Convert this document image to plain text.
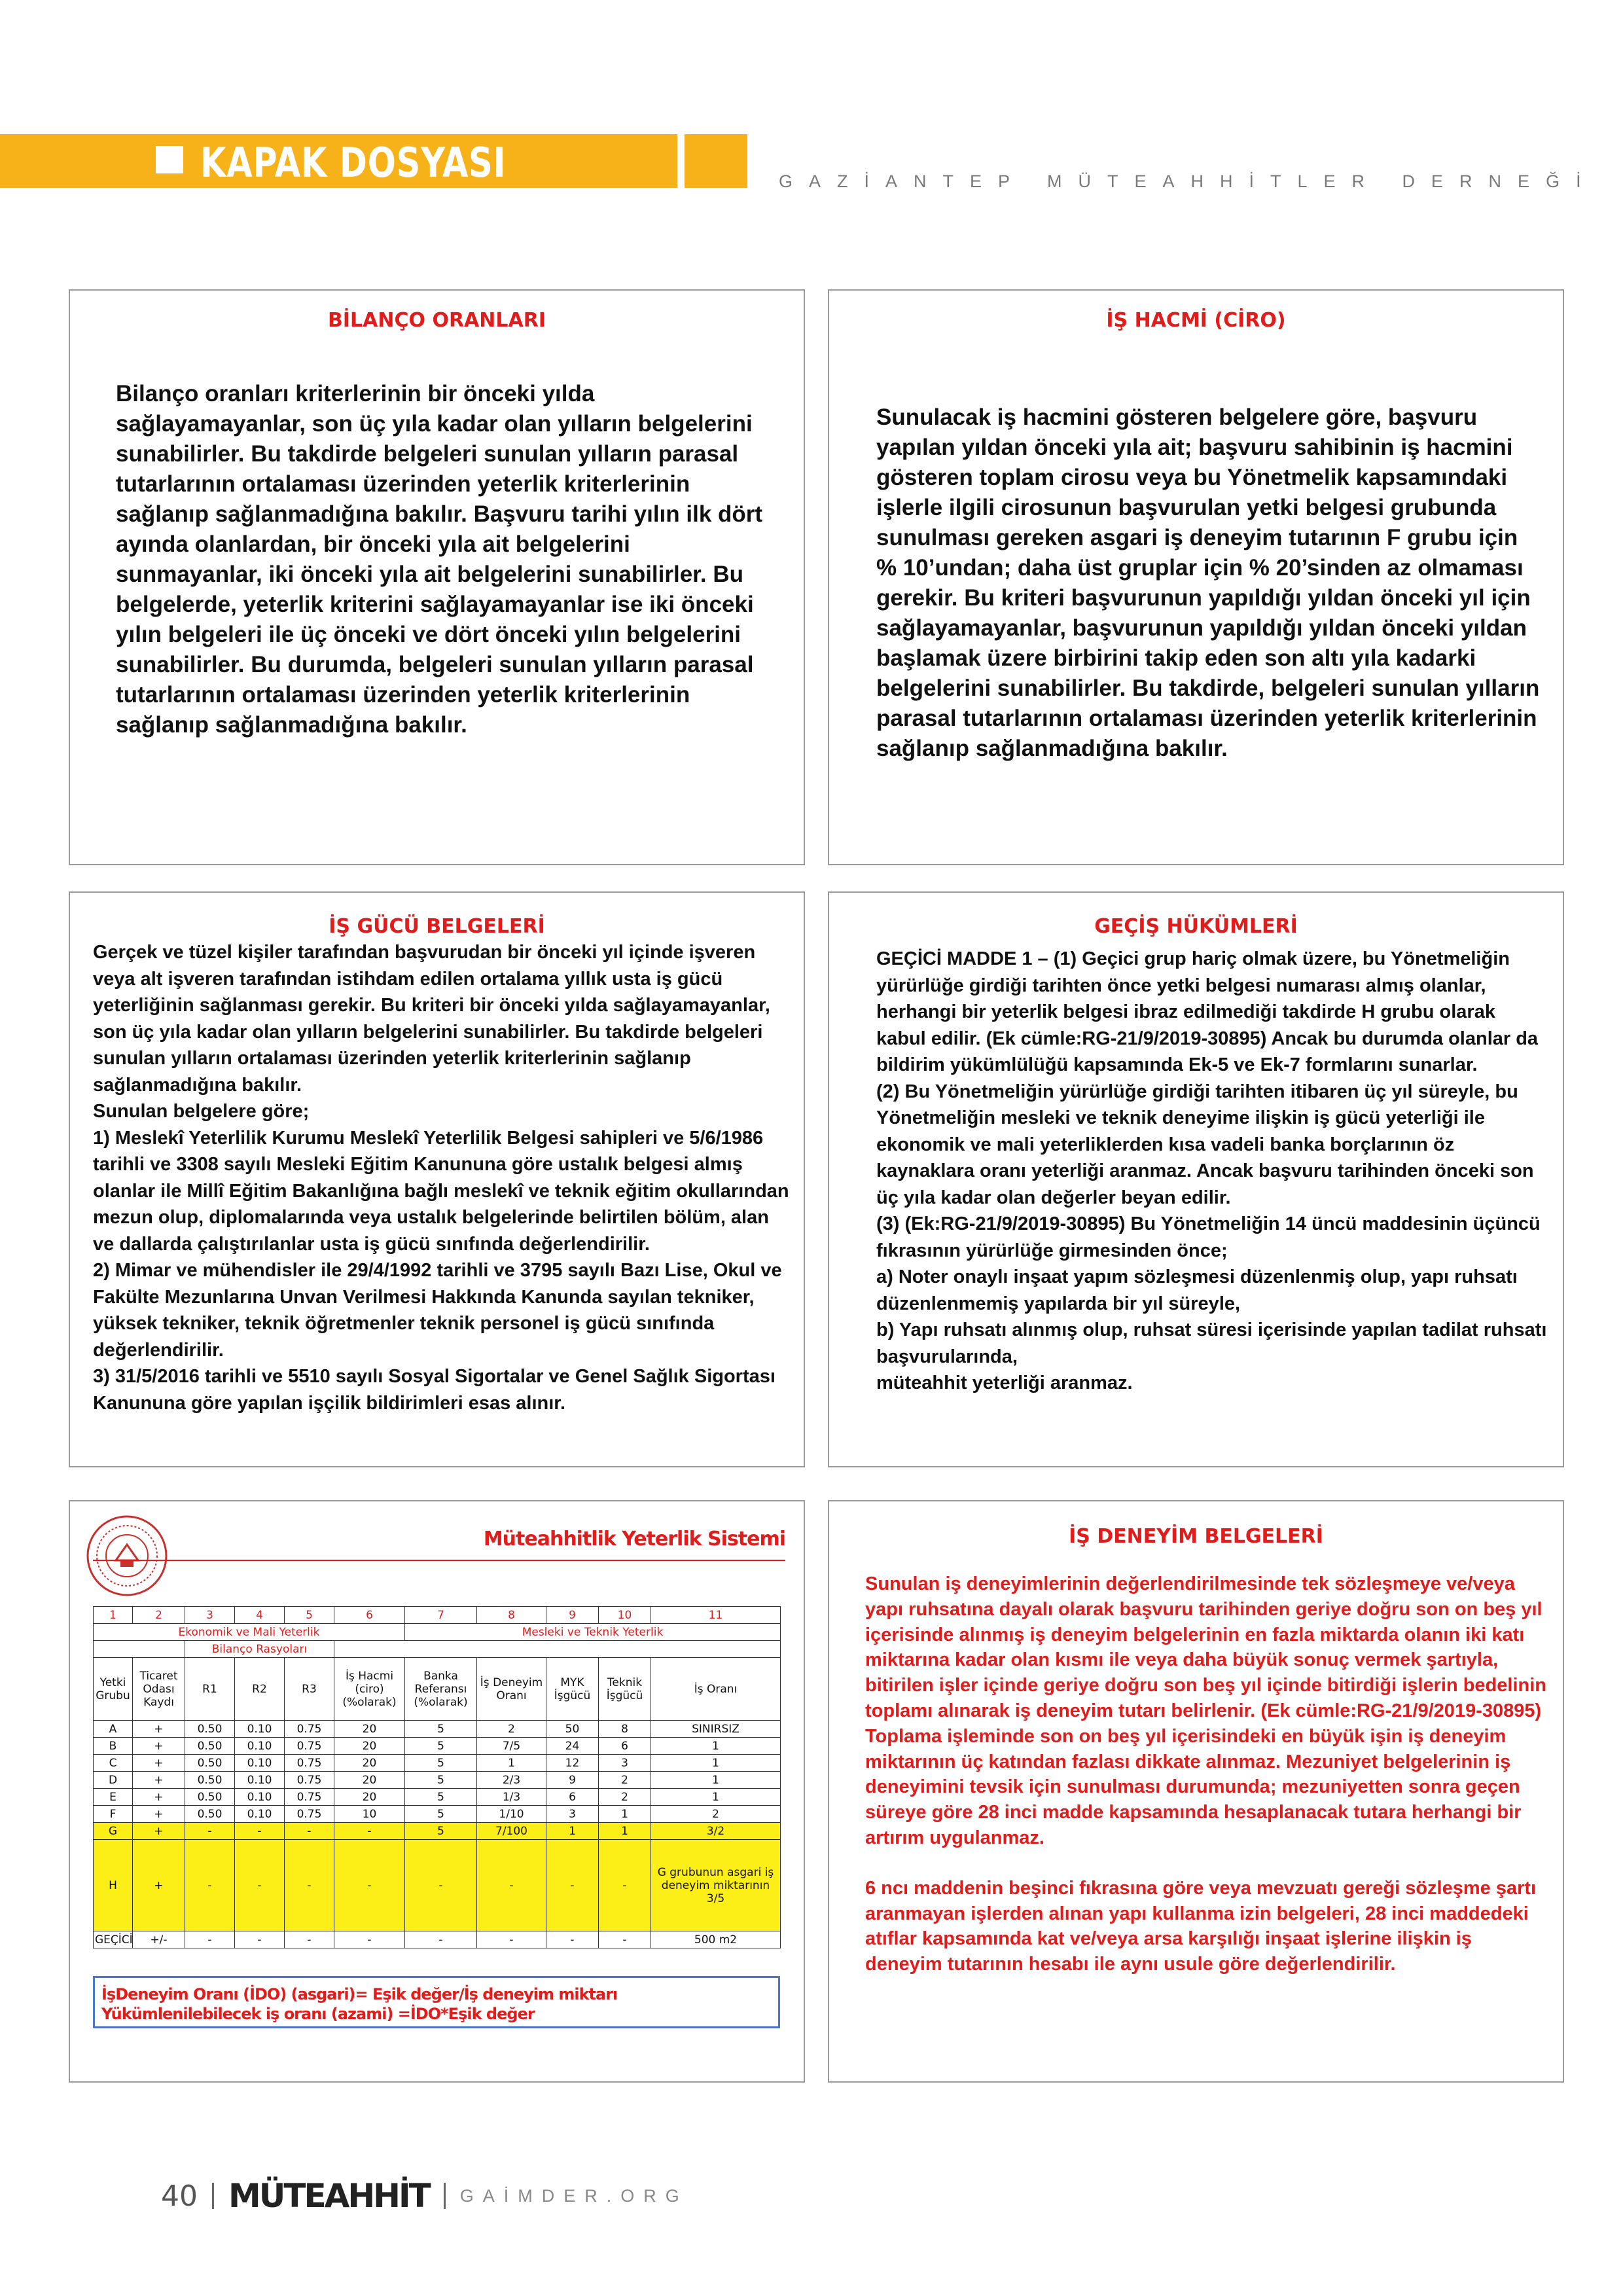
KAPAK DOSYASI	GAZİANTEP MÜTEAHHİTLER DERNEĞİ
BİLANÇO ORANLARI

Bilanço oranları kriterlerinin bir önceki yılda sağlayamayanlar, son üç yıla kadar olan yılların belgelerini sunabilirler. Bu takdirde belgeleri sunulan yılların parasal tutarlarının ortalaması üzerinden yeterlik kriterlerinin sağlanıp sağlanmadığına bakılır. Başvuru tarihi yılın ilk dört ayında olanlardan, bir önceki yıla ait belgelerini sunmayanlar, iki önceki yıla ait belgelerini sunabilirler. Bu belgelerde, yeterlik kriterini sağlayamayanlar ise iki önceki yılın belgeleri ile üç önceki ve dört önceki yılın belgelerini sunabilirler. Bu durumda, belgeleri sunulan yılların parasal tutarlarının ortalaması üzerinden yeterlik kriterlerinin sağlanıp sağlanmadığına bakılır.

İŞ HACMİ (CİRO)

Sunulacak iş hacmini gösteren belgelere göre, başvuru yapılan yıldan önceki yıla ait; başvuru sahibinin iş hacmini gösteren toplam cirosu veya bu Yönetmelik kapsamındaki işlerle ilgili cirosunun başvurulan yetki belgesi grubunda sunulması gereken asgari iş deneyim tutarının F grubu için % 10’undan; daha üst gruplar için % 20’sinden az olmaması gerekir. Bu kriteri başvurunun yapıldığı yıldan önceki yıl için sağlayamayanlar, başvurunun yapıldığı yıldan önceki yıldan başlamak üzere birbirini takip eden son altı yıla kadarki belgelerini sunabilirler. Bu takdirde, belgeleri sunulan yılların parasal tutarlarının ortalaması üzerinden yeterlik kriterlerinin sağlanıp sağlanmadığına bakılır.

İŞ GÜCÜ BELGELERİ

Gerçek ve tüzel kişiler tarafından başvurudan bir önceki yıl içinde işveren veya alt işveren tarafından istihdam edilen ortalama yıllık usta iş gücü yeterliğinin sağlanması gerekir. Bu kriteri bir önceki yılda sağlayamayanlar, son üç yıla kadar olan yılların belgelerini sunabilirler. Bu takdirde belgeleri sunulan yılların ortalaması üzerinden yeterlik kriterlerinin sağlanıp sağlanmadığına bakılır.

Sunulan belgelere göre;

1) Meslekî Yeterlilik Kurumu Meslekî Yeterlilik Belgesi sahipleri ve 5/6/1986 tarihli ve 3308 sayılı Mesleki Eğitim Kanununa göre ustalık belgesi almış olanlar ile Millî Eğitim Bakanlığına bağlı meslekî ve teknik eğitim okullarından mezun olup, diplomalarında veya ustalık belgelerinde belirtilen bölüm, alan ve dallarda çalıştırılanlar usta iş gücü sınıfında değerlendirilir.

2) Mimar ve mühendisler ile 29/4/1992 tarihli ve 3795 sayılı Bazı Lise, Okul ve Fakülte Mezunlarına Unvan Verilmesi Hakkında Kanunda sayılan tekniker, yüksek tekniker, teknik öğretmenler teknik personel iş gücü sınıfında değerlendirilir.

3) 31/5/2016 tarihli ve 5510 sayılı Sosyal Sigortalar ve Genel Sağlık Sigortası Kanununa göre yapılan işçilik bildirimleri esas alınır.

GEÇİŞ HÜKÜMLERİ

GEÇİCİ MADDE 1 – (1) Geçici grup hariç olmak üzere, bu Yönetmeliğin yürürlüğe girdiği tarihten önce yetki belgesi numarası almış olanlar, herhangi bir yeterlik belgesi ibraz edilmediği takdirde H grubu olarak kabul edilir. (Ek cümle:RG-21/9/2019-30895) Ancak bu durumda olanlar da bildirim yükümlülüğü kapsamında Ek-5 ve Ek-7 formlarını sunarlar.

(2) Bu Yönetmeliğin yürürlüğe girdiği tarihten itibaren üç yıl süreyle, bu Yönetmeliğin mesleki ve teknik deneyime ilişkin iş gücü yeterliği ile ekonomik ve mali yeterliklerden kısa vadeli banka borçlarının öz kaynaklara oranı yeterliği aranmaz. Ancak başvuru tarihinden önceki son üç yıla kadar olan değerler beyan edilir.

(3) (Ek:RG-21/9/2019-30895) Bu Yönetmeliğin 14 üncü maddesinin üçüncü fıkrasının yürürlüğe girmesinden önce;

a) Noter onaylı inşaat yapım sözleşmesi düzenlenmiş olup, yapı ruhsatı düzenlenmemiş yapılarda bir yıl süreyle,

b) Yapı ruhsatı alınmış olup, ruhsat süresi içerisinde yapılan tadilat ruhsatı başvurularında,

müteahhit yeterliği aranmaz.

Müteahhitlik Yeterlik Sistemi
1	2	3	4	5	6	7	8	9	10	11
Ekonomik ve Mali Yeterlik						Mesleki ve Teknik Yeterlik				
		Bilanço Rasyoları								
Yetki Grubu	Ticaret Odası Kaydı	R1	R2	R3	İş Hacmi (ciro) (%olarak)	Banka Referansı (%olarak)	İş Deneyim Oranı	MYK İşgücü	Teknik İşgücü	İş Oranı
A	+	0.50	0.10	0.75	20	5	2	50	8	SINIRSIZ
B	+	0.50	0.10	0.75	20	5	7/5	24	6	1
C	+	0.50	0.10	0.75	20	5	1	12	3	1
D	+	0.50	0.10	0.75	20	5	2/3	9	2	1
E	+	0.50	0.10	0.75	20	5	1/3	6	2	1
F	+	0.50	0.10	0.75	10	5	1/10	3	1	2
G	+	-	-	-	-	5	7/100	1	1	3/2
H	+	-	-	-	-	-	-	-	-	G grubunun asgari iş deneyim miktarının 3/5
GEÇİCİ	+/-	-	-	-	-	-	-	-	-	500 m2
İşDeneyim Oranı (İDO) (asgari)= Eşik değer/İş deneyim miktarı
Yükümlenilebilecek iş oranı (azami) =İDO*Eşik değer
İŞ DENEYİM BELGELERİ

Sunulan iş deneyimlerinin değerlendirilmesinde tek sözleşmeye ve/veya yapı ruhsatına dayalı olarak başvuru tarihinden geriye doğru son on beş yıl içerisinde alınmış iş deneyim belgelerinin en fazla miktarda olanın iki katı miktarına kadar olan kısmı ile veya daha büyük sonuç vermek şartıyla, bitirilen işler içinde geriye doğru son beş yıl içinde bitirdiği işlerin bedelinin toplamı alınarak iş deneyim tutarı belirlenir. (Ek cümle:RG-21/9/2019-30895) Toplama işleminde son on beş yıl içerisindeki en büyük işin iş deneyim miktarının üç katından fazlası dikkate alınmaz. Mezuniyet belgelerinin iş deneyimini tevsik için sunulması durumunda; mezuniyetten sonra geçen süreye göre 28 inci madde kapsamında hesaplanacak tutara herhangi bir artırım uygulanmaz.

6 ncı maddenin beşinci fıkrasına göre veya mevzuatı gereği sözleşme şartı aranmayan işlerden alınan yapı kullanma izin belgeleri, 28 inci maddedeki atıflar kapsamında kat ve/veya arsa karşılığı inşaat işlerine ilişkin iş deneyim tutarının hesabı ile aynı usule göre değerlendirilir.

40 MÜTEAHHİT GAİMDER.ORG
